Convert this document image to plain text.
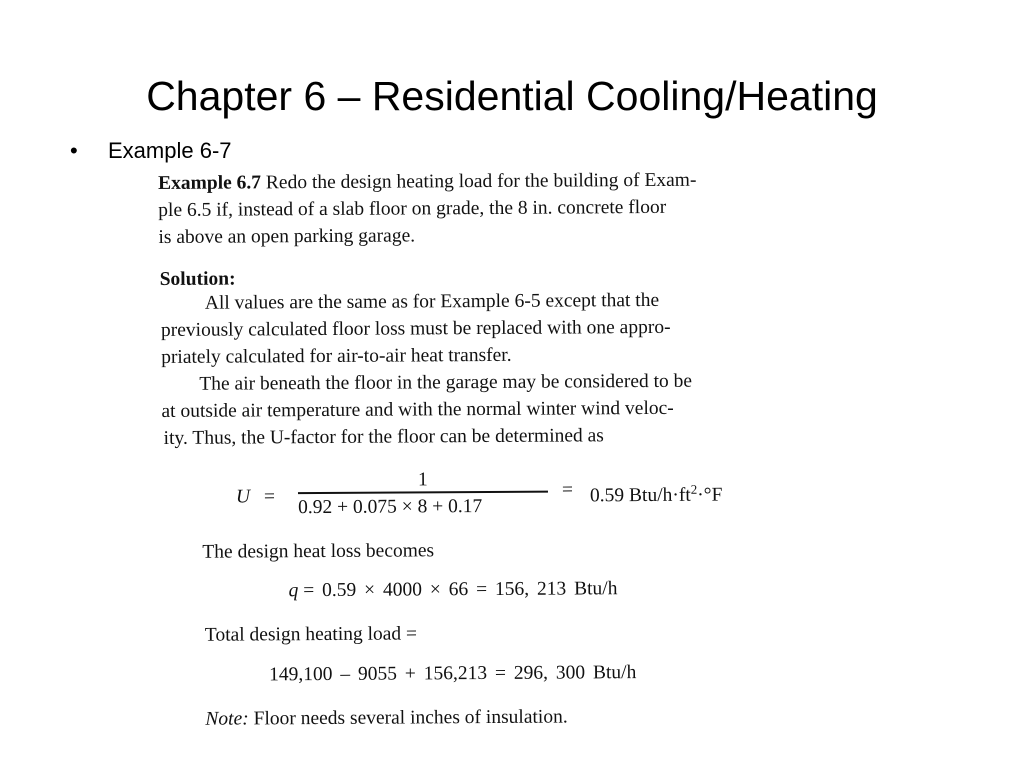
Chapter 6 – Residential Cooling/Heating
• Example 6-7
Example 6.7 Redo the design heating load for the building of Exam-
ple 6.5 if, instead of a slab floor on grade, the 8 in. concrete floor
is above an open parking garage.
Solution:
All values are the same as for Example 6-5 except that the
previously calculated floor loss must be replaced with one appro-
priately calculated for air-to-air heat transfer.
The air beneath the floor in the garage may be considered to be
at outside air temperature and with the normal winter wind veloc-
ity. Thus, the U-factor for the floor can be determined as
U =
1
0.92 + 0.075 × 8 + 0.17
= 0.59 Btu/$h\cdot ft^2\cdot^\circ F$
The design heat loss becomes
q = 0.59 × 4000 × 66 = 156, 213 Btu/h
Total design heating load =
149,100 – 9055 + 156,213 = 296, 300 Btu/h
Note: Floor needs several inches of insulation.
